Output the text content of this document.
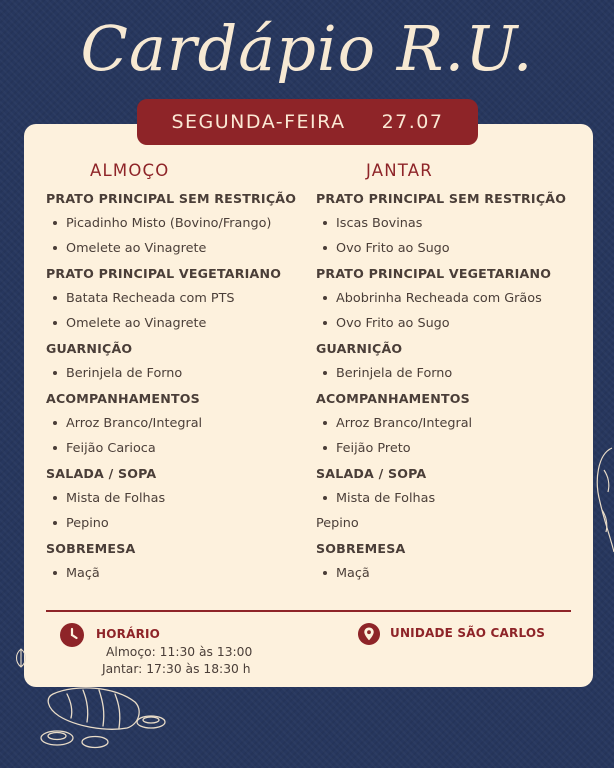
Cardápio R.U.
SEGUNDA-FEIRA 27.07
ALMOÇO
PRATO PRINCIPAL SEM RESTRIÇÃO
Picadinho Misto (Bovino/Frango)
Omelete ao Vinagrete
PRATO PRINCIPAL VEGETARIANO
Batata Recheada com PTS
Omelete ao Vinagrete
GUARNIÇÃO
Berinjela de Forno
ACOMPANHAMENTOS
Arroz Branco/Integral
Feijão Carioca
SALADA / SOPA
Mista de Folhas
Pepino
SOBREMESA
Maçã
JANTAR
PRATO PRINCIPAL SEM RESTRIÇÃO
Iscas Bovinas
Ovo Frito ao Sugo
PRATO PRINCIPAL VEGETARIANO
Abobrinha Recheada com Grãos
Ovo Frito ao Sugo
GUARNIÇÃO
Berinjela de Forno
ACOMPANHAMENTOS
Arroz Branco/Integral
Feijão Preto
SALADA / SOPA
Mista de Folhas
Pepino
SOBREMESA
Maçã
HORÁRIO
Almoço: 11:30 às 13:00
Jantar: 17:30 às 18:30 h
UNIDADE SÃO CARLOS
